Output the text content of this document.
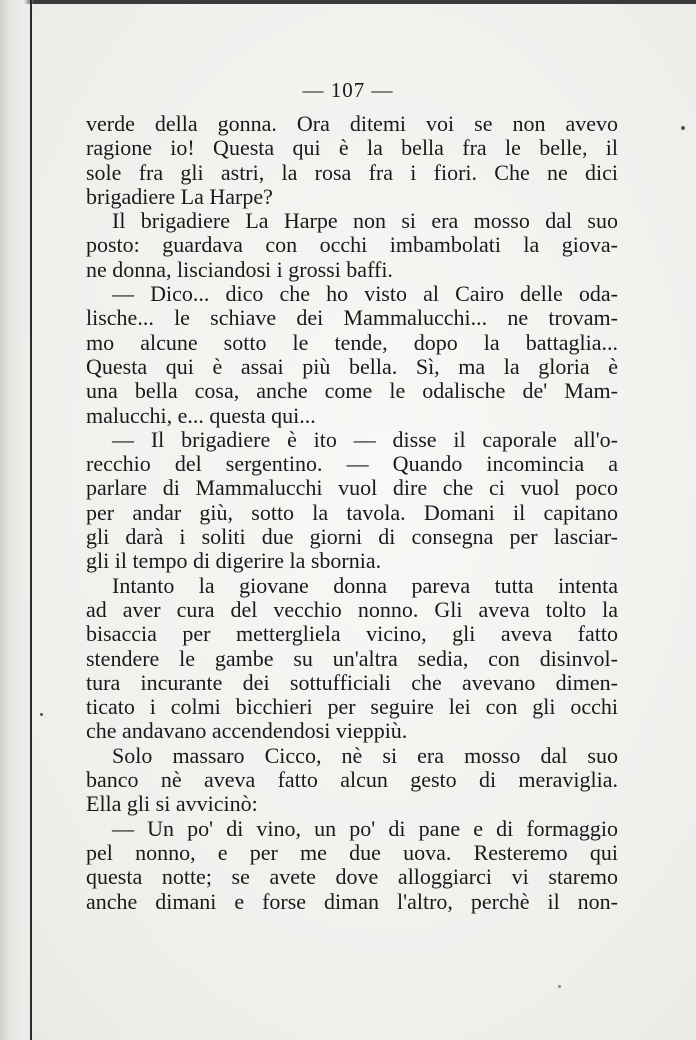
— 107 —
verde della gonna. Ora ditemi voi se non avevo
ragione io! Questa qui è la bella fra le belle, il
sole fra gli astri, la rosa fra i fiori. Che ne dici
brigadiere La Harpe?
Il brigadiere La Harpe non si era mosso dal suo
posto: guardava con occhi imbambolati la giova-
ne donna, lisciandosi i grossi baffi.
— Dico... dico che ho visto al Cairo delle oda-
lische... le schiave dei Mammalucchi... ne trovam-
mo alcune sotto le tende, dopo la battaglia...
Questa qui è assai più bella. Sì, ma la gloria è
una bella cosa, anche come le odalische de' Mam-
malucchi, e... questa qui...
— Il brigadiere è ito — disse il caporale all'o-
recchio del sergentino. — Quando incomincia a
parlare di Mammalucchi vuol dire che ci vuol poco
per andar giù, sotto la tavola. Domani il capitano
gli darà i soliti due giorni di consegna per lasciar-
gli il tempo di digerire la sbornia.
Intanto la giovane donna pareva tutta intenta
ad aver cura del vecchio nonno. Gli aveva tolto la
bisaccia per mettergliela vicino, gli aveva fatto
stendere le gambe su un'altra sedia, con disinvol-
tura incurante dei sottufficiali che avevano dimen-
ticato i colmi bicchieri per seguire lei con gli occhi
che andavano accendendosi vieppiù.
Solo massaro Cicco, nè si era mosso dal suo
banco nè aveva fatto alcun gesto di meraviglia.
Ella gli si avvicinò:
— Un po' di vino, un po' di pane e di formaggio
pel nonno, e per me due uova. Resteremo qui
questa notte; se avete dove alloggiarci vi staremo
anche dimani e forse diman l'altro, perchè il non-
